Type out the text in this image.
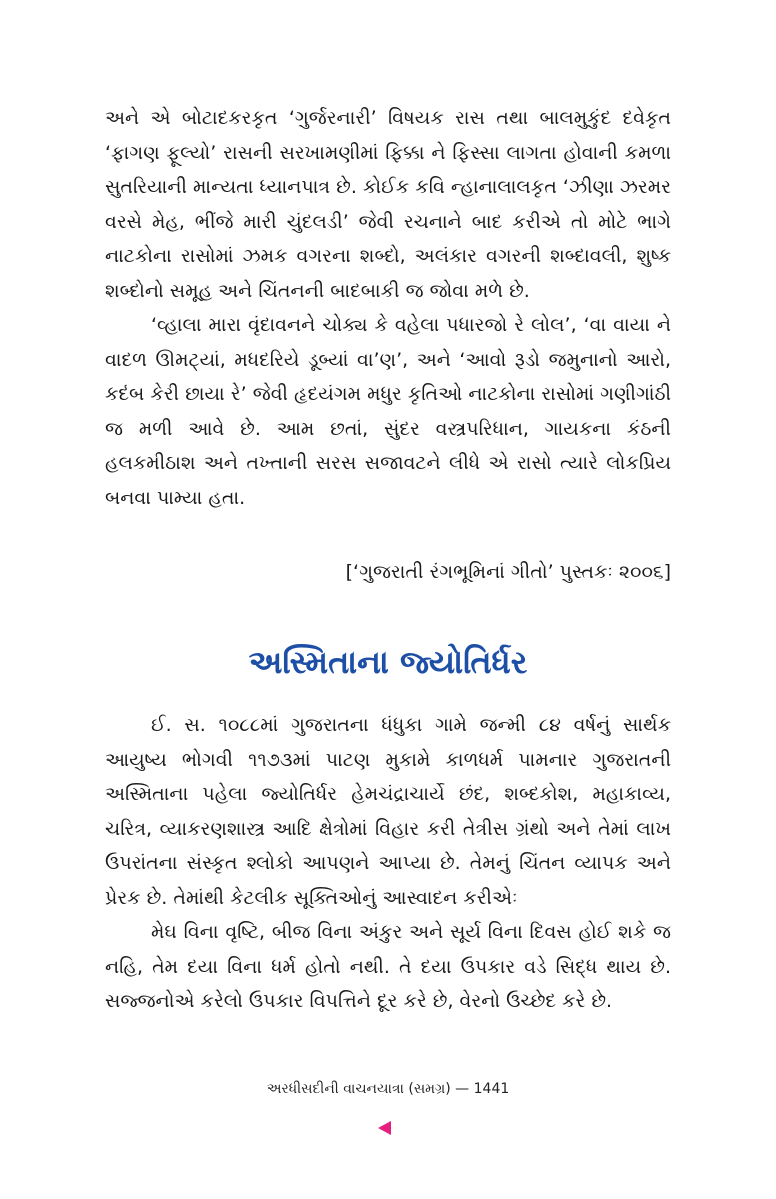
અને એ બોટાદકરકૃત ‘ગુર્જરનારી’ વિષયક રાસ તથા બાલમુકુંદ દવેકૃત ‘ફાગણ ફૂલ્યો’ રાસની સરખામણીમાં ફિક્કા ને ફિસ્સા લાગતા હોવાની કમળા સુતરિયાની માન્યતા ધ્યાનપાત્ર છે. કોઈક કવિ ન્હાનાલાલકૃત ‘ઝીણા ઝરમર વરસે મેહ, ભીંજે મારી ચુંદલડી’ જેવી રચનાને બાદ કરીએ તો મોટે ભાગે નાટકોના રાસોમાં ઝમક વગરના શબ્દો, અલંકાર વગરની શબ્દાવલી, શુષ્ક શબ્દોનો સમૂહ અને ચિંતનની બાદબાકી જ જોવા મળે છે.

‘વ્હાલા મારા વૃંદાવનને ચોક્ય કે વહેલા પધારજો રે લોલ’, ‘વા વાયા ને વાદળ ઊમટ્યાં, મધદરિયે ડૂબ્યાં વા’ણ’, અને ‘આવો રૂડો જમુનાનો આરો, કદંબ કેરી છાયા રે’ જેવી હૃદયંગમ મધુર કૃતિઓ નાટકોના રાસોમાં ગણીગાંઠી જ મળી આવે છે. આમ છતાં, સુંદર વસ્ત્રપરિધાન, ગાયકના કંઠની હલકમીઠાશ અને તખ્તાની સરસ સજાવટને લીધે એ રાસો ત્યારે લોકપ્રિય બનવા પામ્યા હતા.

[‘ગુજરાતી રંગભૂમિનાં ગીતો’ પુસ્તકઃ ૨૦૦૬]
અસ્મિતાના જ્યોતિર્ધર

ઈ. સ. ૧૦૮૮માં ગુજરાતના ધંધુકા ગામે જન્મી ૮૪ વર્ષનું સાર્થક આયુષ્ય ભોગવી ૧૧૭૩માં પાટણ મુકામે કાળધર્મ પામનાર ગુજરાતની અસ્મિતાના પહેલા જ્યોતિર્ધર હેમચંદ્રાચાર્યે છંદ, શબ્દકોશ, મહાકાવ્ય, ચરિત્ર, વ્યાકરણશાસ્ત્ર આદિ ક્ષેત્રોમાં વિહાર કરી તેત્રીસ ગ્રંથો અને તેમાં લાખ ઉપરાંતના સંસ્કૃત શ્લોકો આપણને આપ્યા છે. તેમનું ચિંતન વ્યાપક અને પ્રેરક છે. તેમાંથી કેટલીક સૂક્તિઓનું આસ્વાદન કરીએઃ

મેઘ વિના વૃષ્ટિ, બીજ વિના અંકુર અને સૂર્ય વિના દિવસ હોઈ શકે જ નહિ, તેમ દયા વિના ધર્મ હોતો નથી. તે દયા ઉપકાર વડે સિદ્ધ થાય છે. સજ્જનોએ કરેલો ઉપકાર વિપત્તિને દૂર કરે છે, વેરનો ઉચ્છેદ કરે છે.

અરધીસદીની વાચનયાત્રા (સમગ્ર) — 1441
